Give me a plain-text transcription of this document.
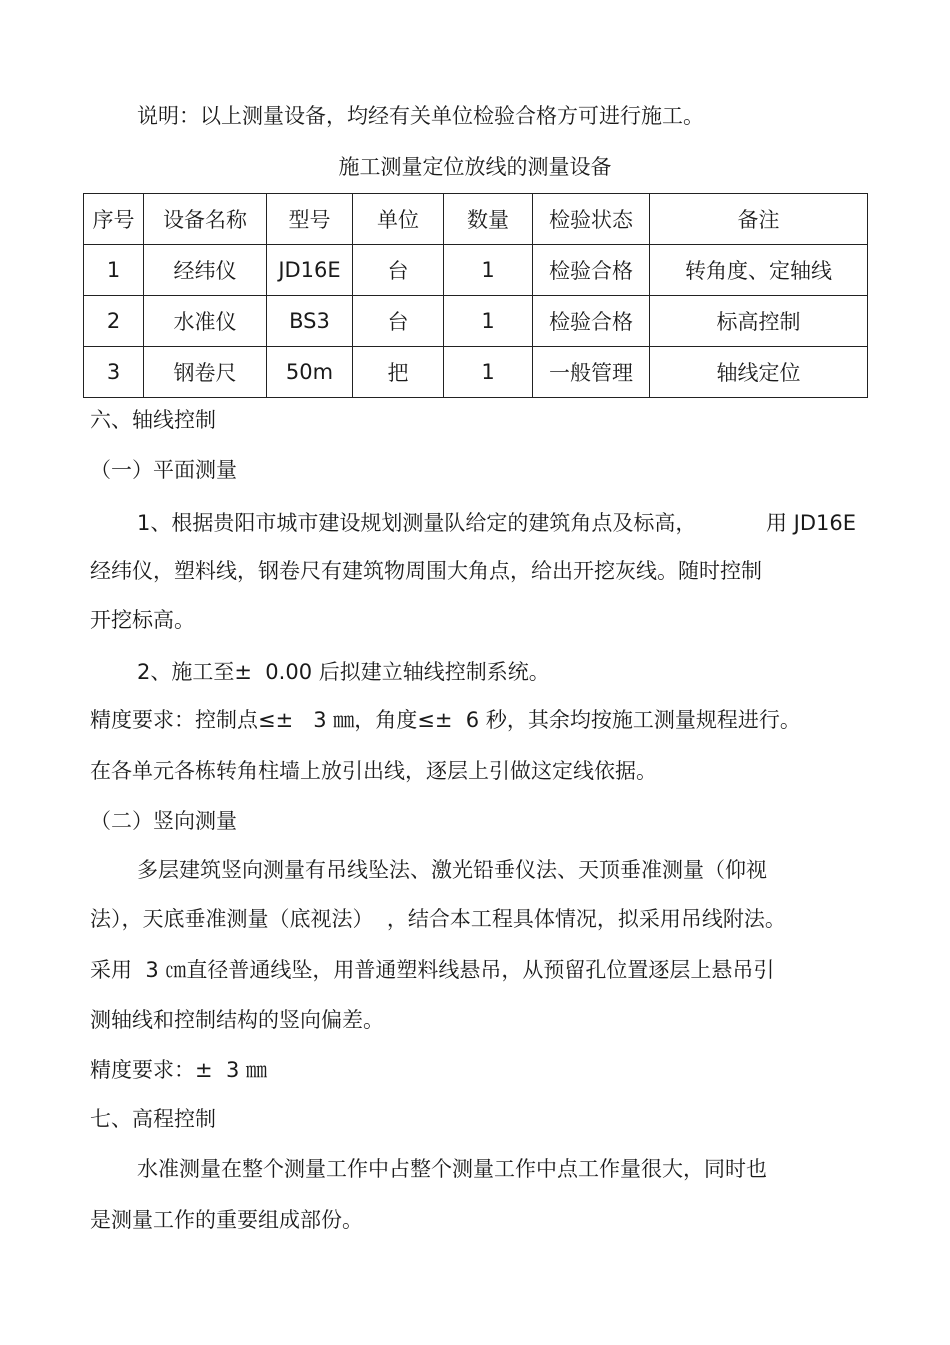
说明：以上测量设备，均经有关单位检验合格方可进行施工。
施工测量定位放线的测量设备
序号	设备名称	型号	单位	数量	检验状态	备注
1	经纬仪	JD16E	台	1	检验合格	转角度、定轴线
2	水准仪	BS3	台	1	检验合格	标高控制
3	钢卷尺	50m	把	1	一般管理	轴线定位
六、轴线控制
（一）平面测量
1、根据贵阳市城市建设规划测量队给定的建筑角点及标高，	用 JD16E
经纬仪，塑料线，钢卷尺有建筑物周围大角点，给出开挖灰线。随时控制
开挖标高。
2、施工至±  0.00 后拟建立轴线控制系统。
精度要求：控制点≤±   3 ㎜，角度≤±  6 秒，其余均按施工测量规程进行。
在各单元各栋转角柱墙上放引出线，逐层上引做这定线依据。
（二）竖向测量
多层建筑竖向测量有吊线坠法、激光铅垂仪法、天顶垂准测量（仰视
法），天底垂准测量（底视法）  ，结合本工程具体情况，拟采用吊线附法。
采用  3 ㎝直径普通线坠，用普通塑料线悬吊，从预留孔位置逐层上悬吊引
测轴线和控制结构的竖向偏差。
精度要求：±  3 ㎜
七、高程控制
水准测量在整个测量工作中占整个测量工作中点工作量很大，同时也
是测量工作的重要组成部份。
